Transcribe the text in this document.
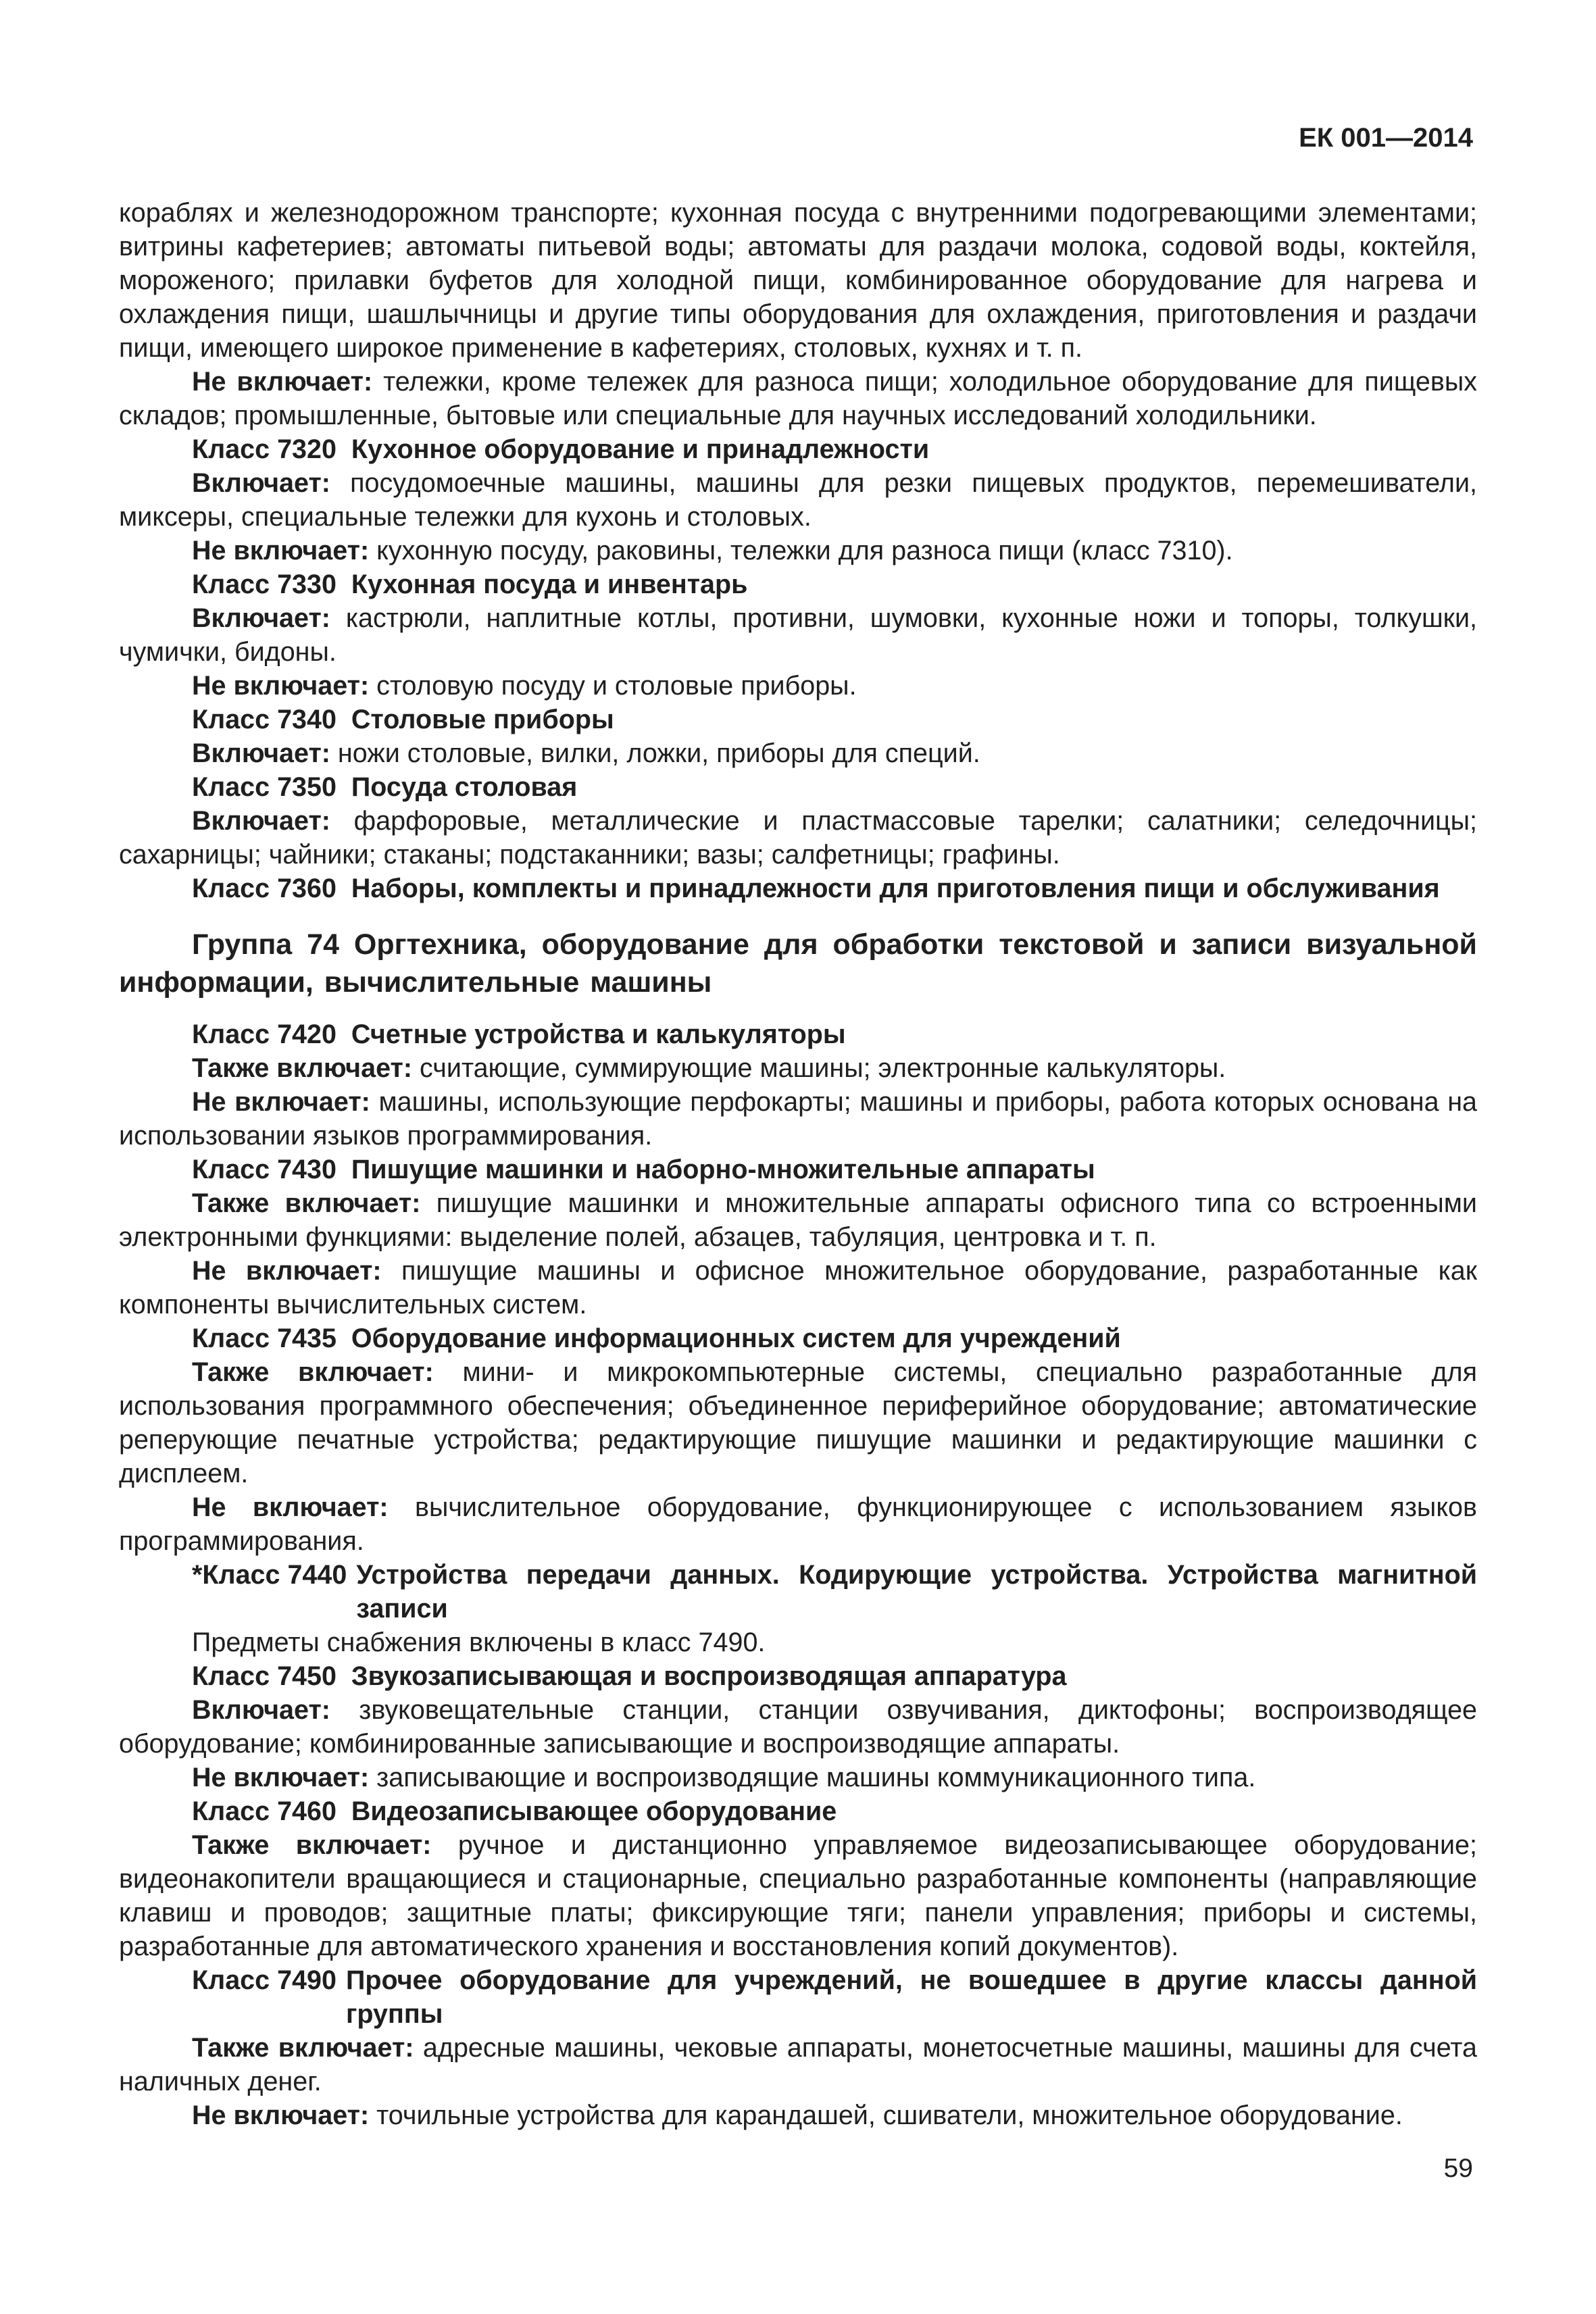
ЕК 001—2014

кораблях и железнодорожном транспорте; кухонная посуда с внутренними подогревающими элементами; витрины кафетериев; автоматы питьевой воды; автоматы для раздачи молока, содовой воды, коктейля, мороженого; прилавки буфетов для холодной пищи, комбинированное оборудование для нагрева и охлаждения пищи, шашлычницы и другие типы оборудования для охлаждения, приготовления и раздачи пищи, имеющего широкое применение в кафетериях, столовых, кухнях и т. п.

Не включает: тележки, кроме тележек для разноса пищи; холодильное оборудование для пищевых складов; промышленные, бытовые или специальные для научных исследований холодильники.

Класс 7320 Кухонное оборудование и принадлежности

Включает: посудомоечные машины, машины для резки пищевых продуктов, перемешиватели, миксеры, специальные тележки для кухонь и столовых.

Не включает: кухонную посуду, раковины, тележки для разноса пищи (класс 7310).

Класс 7330 Кухонная посуда и инвентарь

Включает: кастрюли, наплитные котлы, противни, шумовки, кухонные ножи и топоры, толкушки, чумички, бидоны.

Не включает: столовую посуду и столовые приборы.

Класс 7340 Столовые приборы

Включает: ножи столовые, вилки, ложки, приборы для специй.

Класс 7350 Посуда столовая

Включает: фарфоровые, металлические и пластмассовые тарелки; салатники; селедочницы; сахарницы; чайники; стаканы; подстаканники; вазы; салфетницы; графины.

Класс 7360 Наборы, комплекты и принадлежности для приготовления пищи и обслуживания

Группа 74 Оргтехника, оборудование для обработки текстовой и записи визуальной информации, вычислительные машины

Класс 7420 Счетные устройства и калькуляторы

Также включает: считающие, суммирующие машины; электронные калькуляторы.

Не включает: машины, использующие перфокарты; машины и приборы, работа которых основана на использовании языков программирования.

Класс 7430 Пишущие машинки и наборно-множительные аппараты

Также включает: пишущие машинки и множительные аппараты офисного типа со встроенными электронными функциями: выделение полей, абзацев, табуляция, центровка и т. п.

Не включает: пишущие машины и офисное множительное оборудование, разработанные как компоненты вычислительных систем.

Класс 7435 Оборудование информационных систем для учреждений

Также включает: мини- и микрокомпьютерные системы, специально разработанные для использования программного обеспечения; объединенное периферийное оборудование; автоматические реперующие печатные устройства; редактирующие пишущие машинки и редактирующие машинки с дисплеем.

Не включает: вычислительное оборудование, функционирующее с использованием языков программирования.

*Класс 7440 Устройства передачи данных. Кодирующие устройства. Устройства магнитной записи

Предметы снабжения включены в класс 7490.

Класс 7450 Звукозаписывающая и воспроизводящая аппаратура

Включает: звуковещательные станции, станции озвучивания, диктофоны; воспроизводящее оборудование; комбинированные записывающие и воспроизводящие аппараты.

Не включает: записывающие и воспроизводящие машины коммуникационного типа.

Класс 7460 Видеозаписывающее оборудование

Также включает: ручное и дистанционно управляемое видеозаписывающее оборудование; видеонакопители вращающиеся и стационарные, специально разработанные компоненты (направляющие клавиш и проводов; защитные платы; фиксирующие тяги; панели управления; приборы и системы, разработанные для автоматического хранения и восстановления копий документов).

Класс 7490 Прочее оборудование для учреждений, не вошедшее в другие классы данной группы

Также включает: адресные машины, чековые аппараты, монетосчетные машины, машины для счета наличных денег.

Не включает: точильные устройства для карандашей, сшиватели, множительное оборудование.

59
